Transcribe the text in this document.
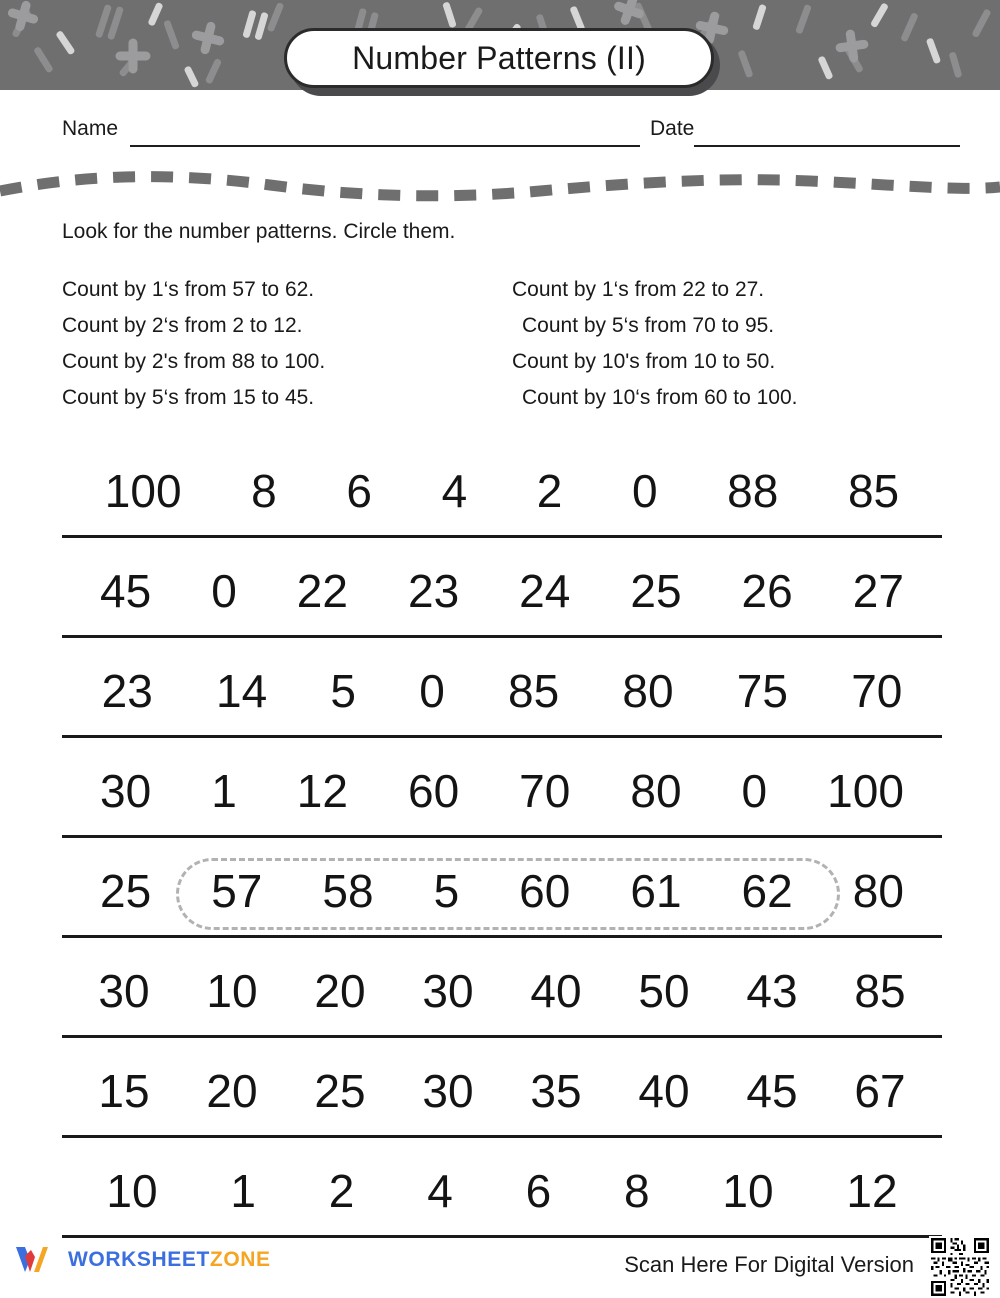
Number Patterns (II)
Name	Date
Look for the number patterns. Circle them.
Count by 1‘s from 57 to 62.
Count by 2‘s from 2 to 12.
Count by 2's from 88 to 100.
Count by 5‘s from 15 to 45.
Count by 1‘s from 22 to 27.
Count by 5‘s from 70 to 95.
Count by 10's from 10 to 50.
Count by 10‘s from 60 to 100.
100 8 6 4 2 0 88 85
45 0 22 23 24 25 26 27
23 14 5 0 85 80 75 70
30 1 12 60 70 80 0 100
25 57 58 5 60 61 62 80
30 10 20 30 40 50 43 85
15 20 25 30 35 40 45 67
10 1 2 4 6 8 10 12
WORKSHEETZONE	Scan Here For Digital Version
